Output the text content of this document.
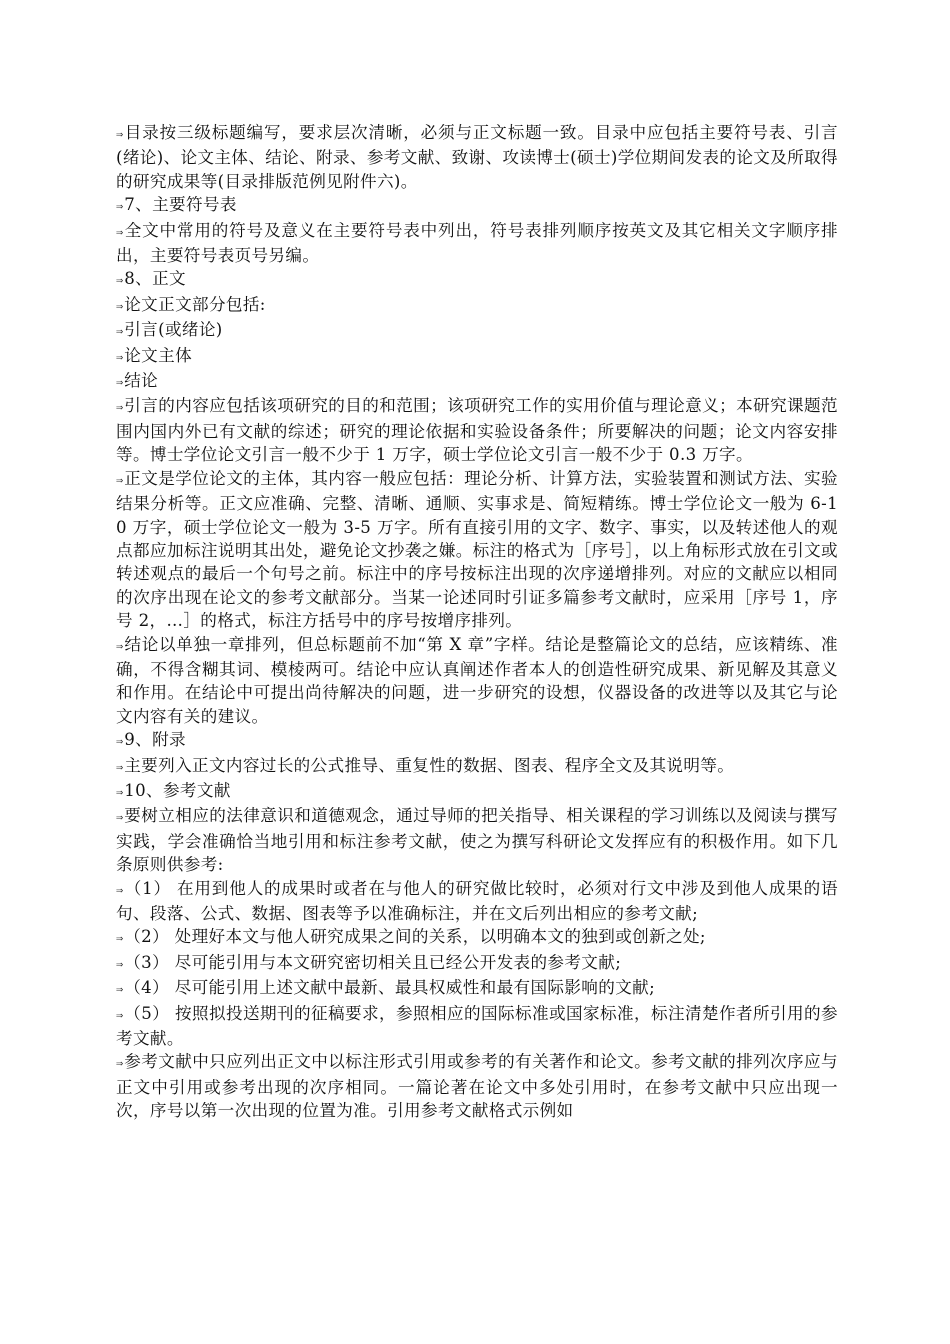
⇒目录按三级标题编写，要求层次清晰，必须与正文标题一致。目录中应包括主要符号表、引言(绪论)、论文主体、结论、附录、参考文献、致谢、攻读博士(硕士)学位期间发表的论文及所取得的研究成果等(目录排版范例见附件六)。

⇒7、主要符号表

⇒全文中常用的符号及意义在主要符号表中列出，符号表排列顺序按英文及其它相关文字顺序排出，主要符号表页号另编。

⇒8、正文

⇒论文正文部分包括:

⇒引言(或绪论)

⇒论文主体

⇒结论

⇒引言的内容应包括该项研究的目的和范围；该项研究工作的实用价值与理论意义；本研究课题范围内国内外已有文献的综述；研究的理论依据和实验设备条件；所要解决的问题；论文内容安排等。博士学位论文引言一般不少于 1 万字，硕士学位论文引言一般不少于 0.3 万字。

⇒正文是学位论文的主体，其内容一般应包括：理论分析、计算方法，实验装置和测试方法、实验结果分析等。正文应准确、完整、清晰、通顺、实事求是、简短精练。博士学位论文一般为 6-10 万字，硕士学位论文一般为 3-5 万字。所有直接引用的文字、数字、事实，以及转述他人的观点都应加标注说明其出处，避免论文抄袭之嫌。标注的格式为［序号］，以上角标形式放在引文或转述观点的最后一个句号之前。标注中的序号按标注出现的次序递增排列。对应的文献应以相同的次序出现在论文的参考文献部分。当某一论述同时引证多篇参考文献时，应采用［序号 1，序号 2，…］的格式，标注方括号中的序号按增序排列。

⇒结论以单独一章排列，但总标题前不加“第 X 章”字样。结论是整篇论文的总结，应该精练、准确，不得含糊其词、模棱两可。结论中应认真阐述作者本人的创造性研究成果、新见解及其意义和作用。在结论中可提出尚待解决的问题，进一步研究的设想，仪器设备的改进等以及其它与论文内容有关的建议。

⇒9、附录

⇒主要列入正文内容过长的公式推导、重复性的数据、图表、程序全文及其说明等。

⇒10、参考文献

⇒要树立相应的法律意识和道德观念，通过导师的把关指导、相关课程的学习训练以及阅读与撰写实践，学会准确恰当地引用和标注参考文献，使之为撰写科研论文发挥应有的积极作用。如下几条原则供参考:

⇒（1） 在用到他人的成果时或者在与他人的研究做比较时，必须对行文中涉及到他人成果的语句、段落、公式、数据、图表等予以准确标注，并在文后列出相应的参考文献;

⇒（2） 处理好本文与他人研究成果之间的关系，以明确本文的独到或创新之处;

⇒（3） 尽可能引用与本文研究密切相关且已经公开发表的参考文献;

⇒（4） 尽可能引用上述文献中最新、最具权威性和最有国际影响的文献;

⇒（5） 按照拟投送期刊的征稿要求，参照相应的国际标准或国家标准，标注清楚作者所引用的参考文献。

⇒参考文献中只应列出正文中以标注形式引用或参考的有关著作和论文。参考文献的排列次序应与正文中引用或参考出现的次序相同。一篇论著在论文中多处引用时，在参考文献中只应出现一次，序号以第一次出现的位置为准。引用参考文献格式示例如
